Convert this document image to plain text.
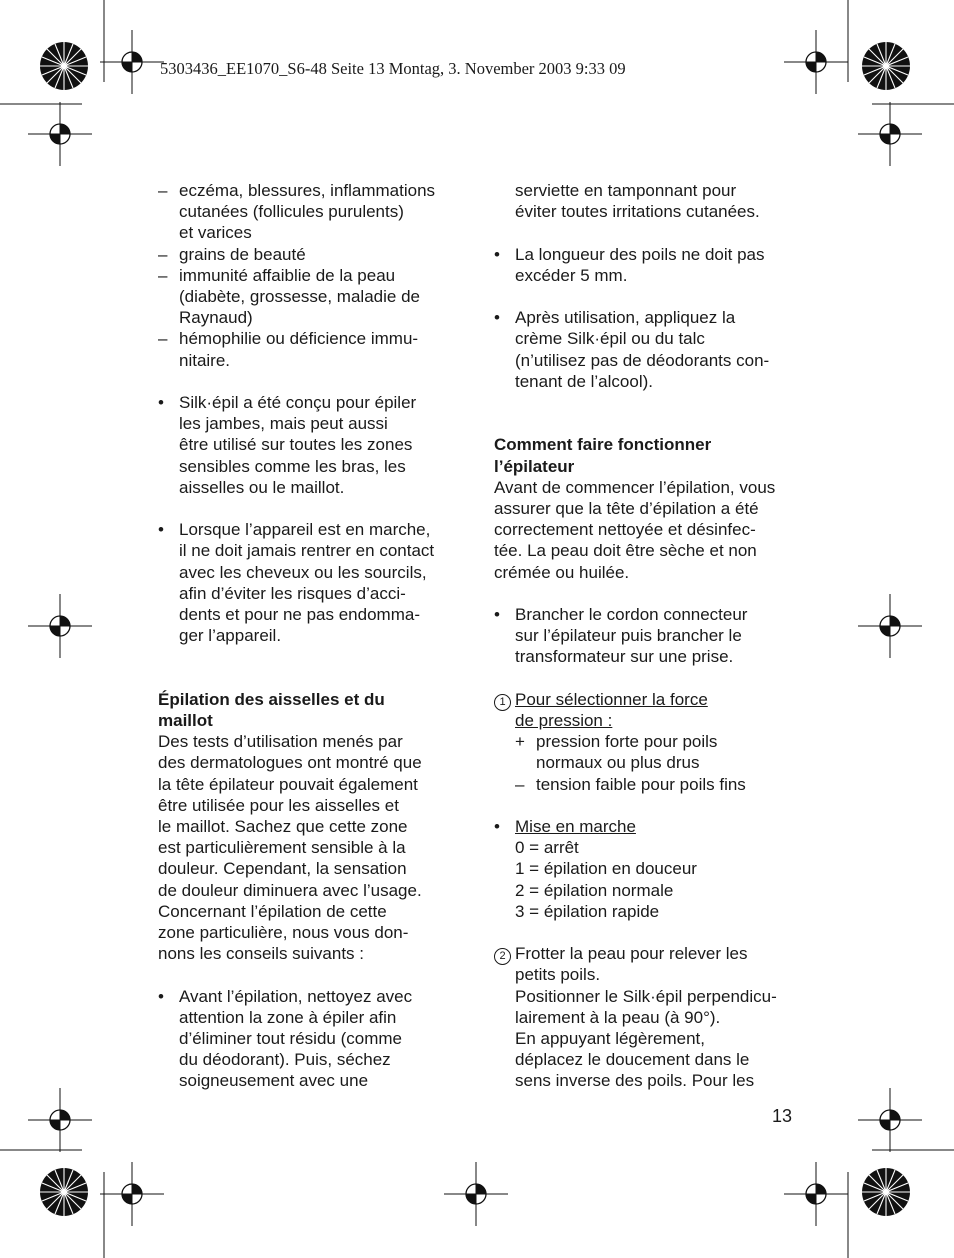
5303436_EE1070_S6-48 Seite 13 Montag, 3. November 2003 9:33 09
– eczéma, blessures, inflammations
cutanées (follicules purulents)
et varices
– grains de beauté
– immunité affaiblie de la peau
(diabète, grossesse, maladie de
Raynaud)
– hémophilie ou déficience immu-
nitaire.
• Silk·épil a été conçu pour épiler
les jambes, mais peut aussi
être utilisé sur toutes les zones
sensibles comme les bras, les
aisselles ou le maillot.
• Lorsque l’appareil est en marche,
il ne doit jamais rentrer en contact
avec les cheveux ou les sourcils,
afin d’éviter les risques d’acci-
dents et pour ne pas endomma-
ger l’appareil.
Épilation des aisselles et du
maillot
Des tests d’utilisation menés par
des dermatologues ont montré que
la tête épilateur pouvait également
être utilisée pour les aisselles et
le maillot. Sachez que cette zone
est particulièrement sensible à la
douleur. Cependant, la sensation
de douleur diminuera avec l’usage.
Concernant l’épilation de cette
zone particulière, nous vous don-
nons les conseils suivants :
• Avant l’épilation, nettoyez avec
attention la zone à épiler afin
d’éliminer tout résidu (comme
du déodorant). Puis, séchez
soigneusement avec une
serviette en tamponnant pour
éviter toutes irritations cutanées.
• La longueur des poils ne doit pas
excéder 5 mm.
• Après utilisation, appliquez la
crème Silk·épil ou du talc
(n’utilisez pas de déodorants con-
tenant de l’alcool).
Comment faire fonctionner
l’épilateur
Avant de commencer l’épilation, vous
assurer que la tête d’épilation a été
correctement nettoyée et désinfec-
tée. La peau doit être sèche et non
crémée ou huilée.
• Brancher le cordon connecteur
sur l’épilateur puis brancher le
transformateur sur une prise.
1 Pour sélectionner la force
de pression :
+ pression forte pour poils
normaux ou plus drus
– tension faible pour poils fins
• Mise en marche
0 = arrêt
1 = épilation en douceur
2 = épilation normale
3 = épilation rapide
2 Frotter la peau pour relever les
petits poils.
Positionner le Silk·épil perpendicu-
lairement à la peau (à 90°).
En appuyant légèrement,
déplacez le doucement dans le
sens inverse des poils. Pour les
13
